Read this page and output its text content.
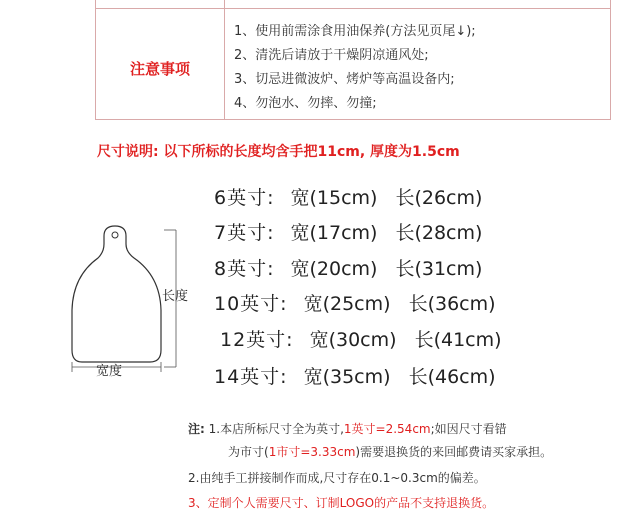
注意事项
1、使用前需涂食用油保养(方法见页尾↓);
2、清洗后请放于干燥阴凉通风处;
3、切忌进微波炉、烤炉等高温设备内;
4、勿泡水、勿摔、勿撞;
尺寸说明: 以下所标的长度均含手把11cm, 厚度为1.5cm
6英寸: 宽(15cm) 长(26cm)
7英寸: 宽(17cm) 长(28cm)
8英寸: 宽(20cm) 长(31cm)
10英寸: 宽(25cm) 长(36cm)
12英寸: 宽(30cm) 长(41cm)
14英寸: 宽(35cm) 长(46cm)
长度
宽度
注: 1.本店所标尺寸全为英寸,1英寸=2.54cm;如因尺寸看错
为市寸(1市寸=3.33cm)需要退换货的来回邮费请买家承担。
2.由纯手工拼接制作而成,尺寸存在0.1~0.3cm的偏差。
3、定制个人需要尺寸、订制LOGO的产品不支持退换货。
